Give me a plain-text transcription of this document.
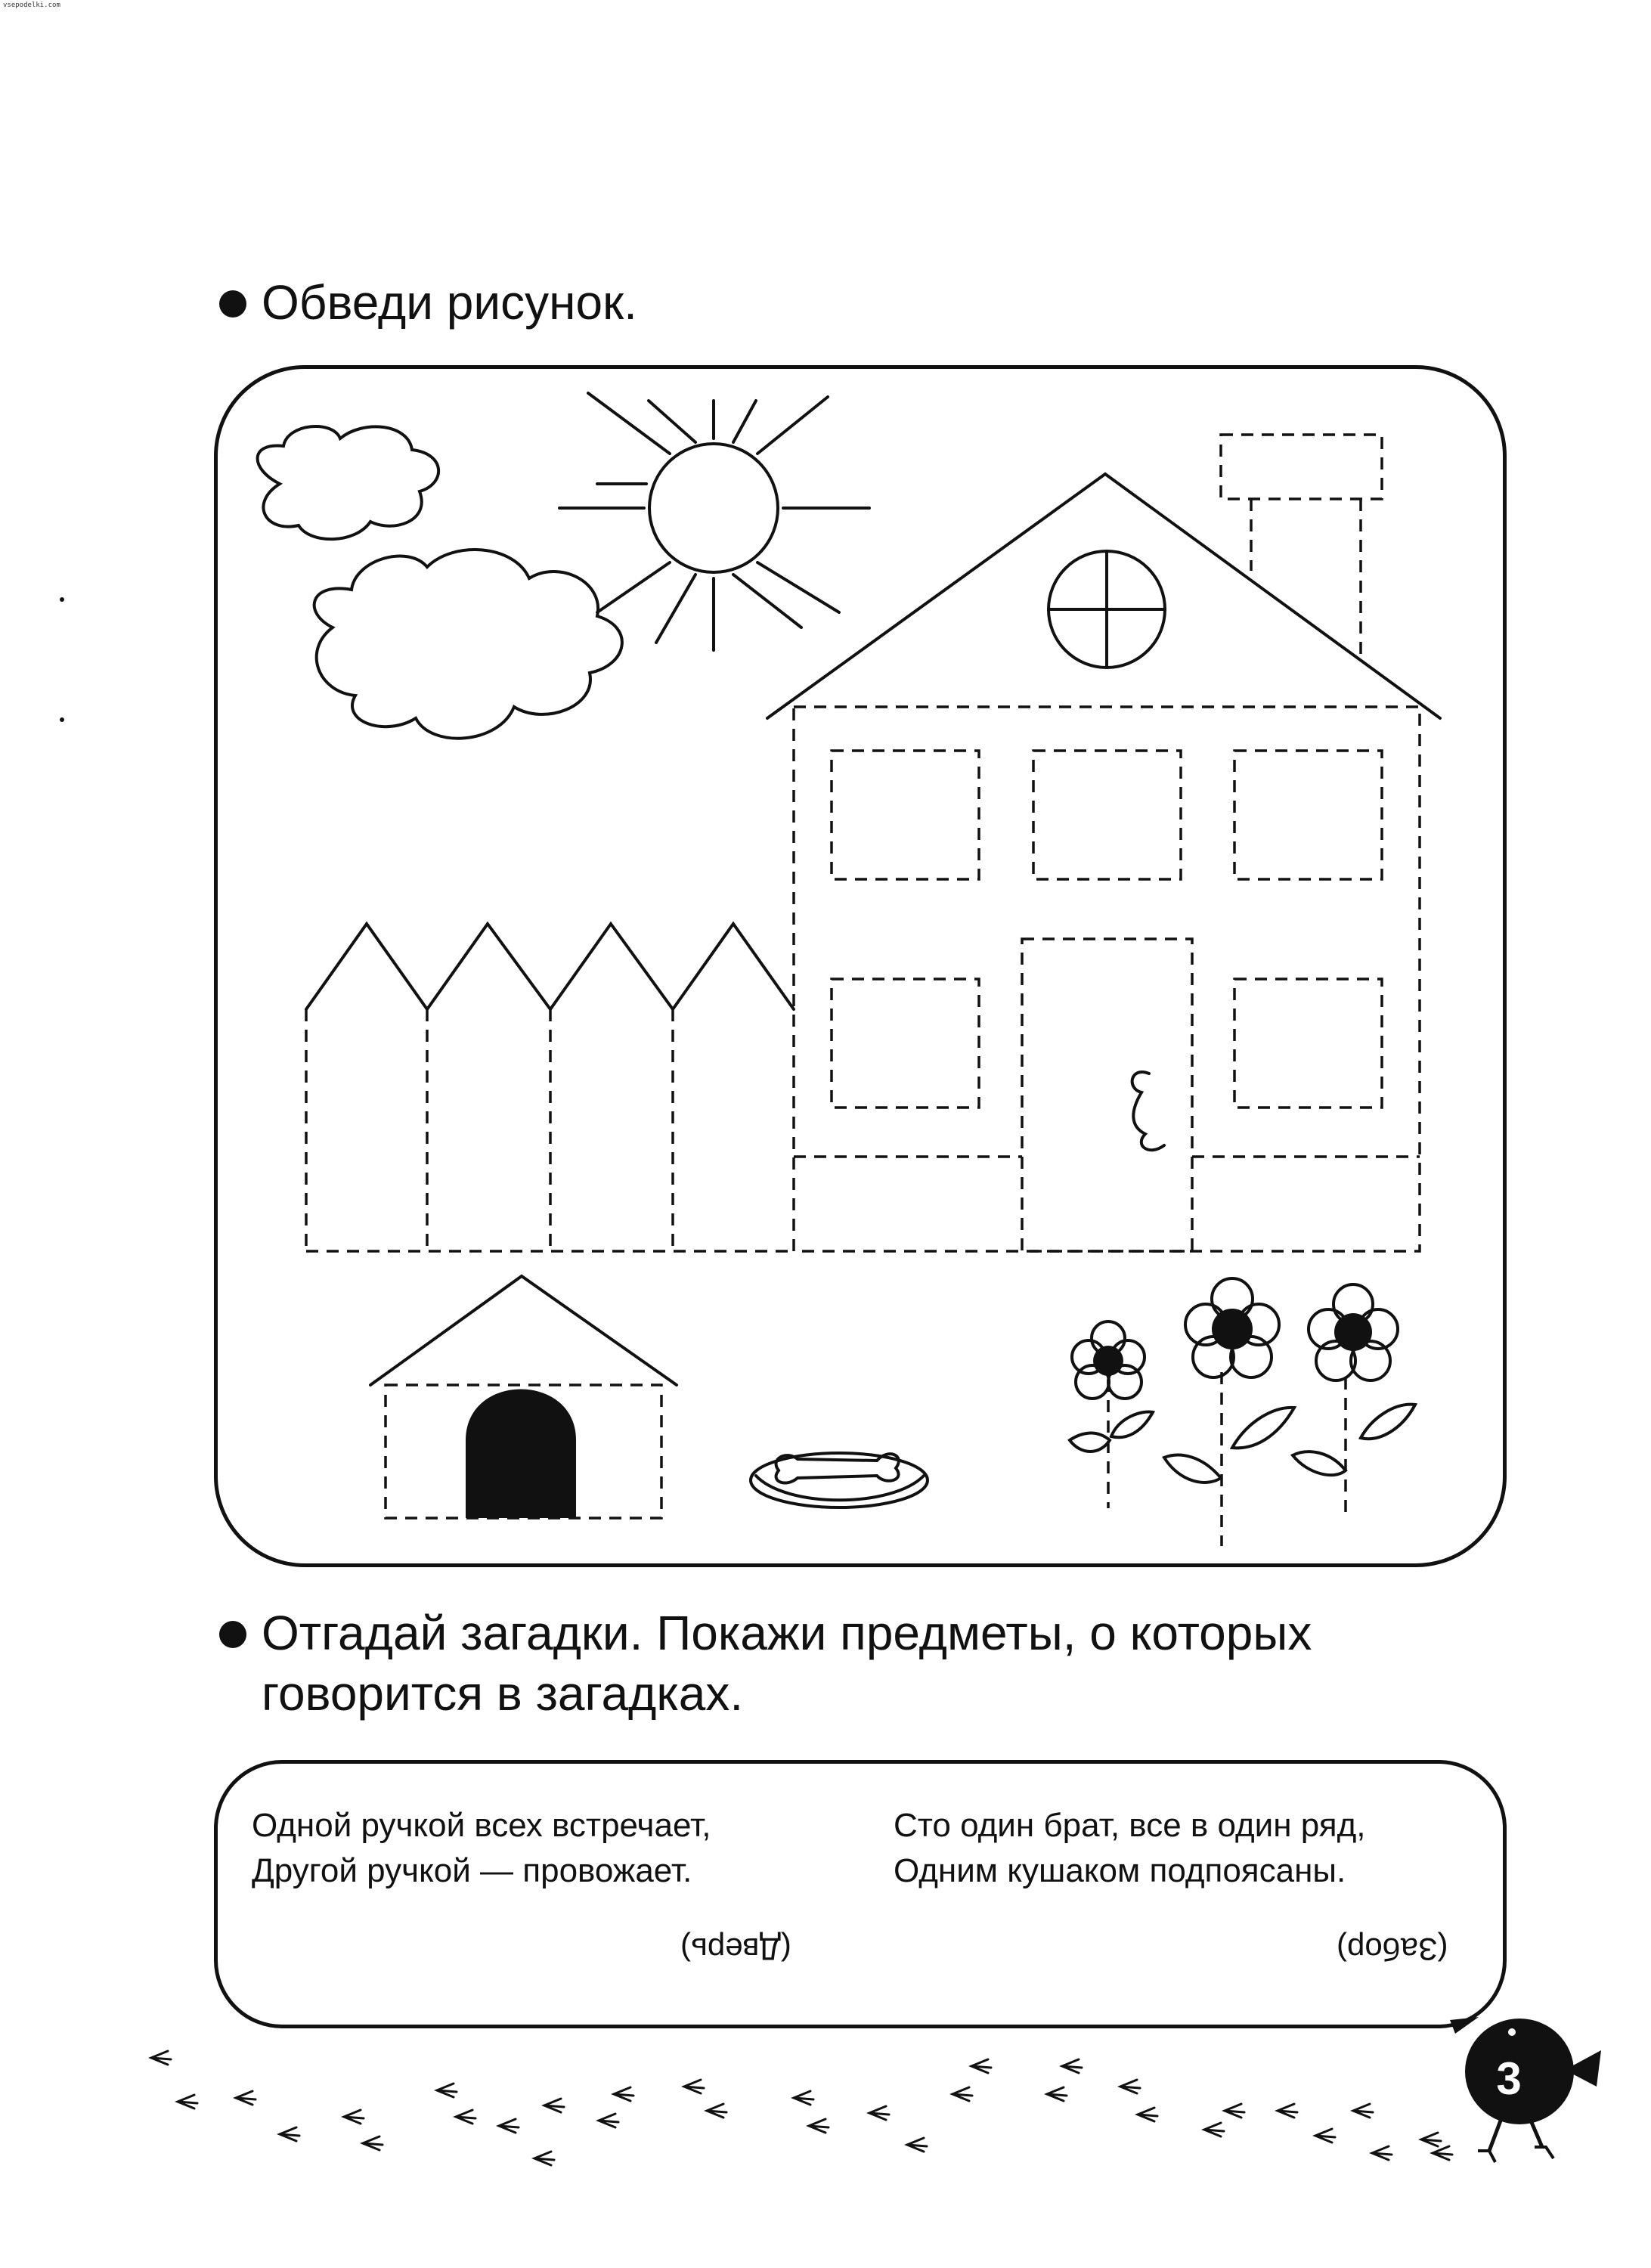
vsepodelki.com
Обведи рисунок.
3
Отгадай загадки. Покажи предметы, о которых
говорится в загадках.
Одной ручкой всех встречает,
Другой ручкой — провожает.
(Дверь)
Сто один брат, все в один ряд,
Одним кушаком подпоясаны.
(Забор)
